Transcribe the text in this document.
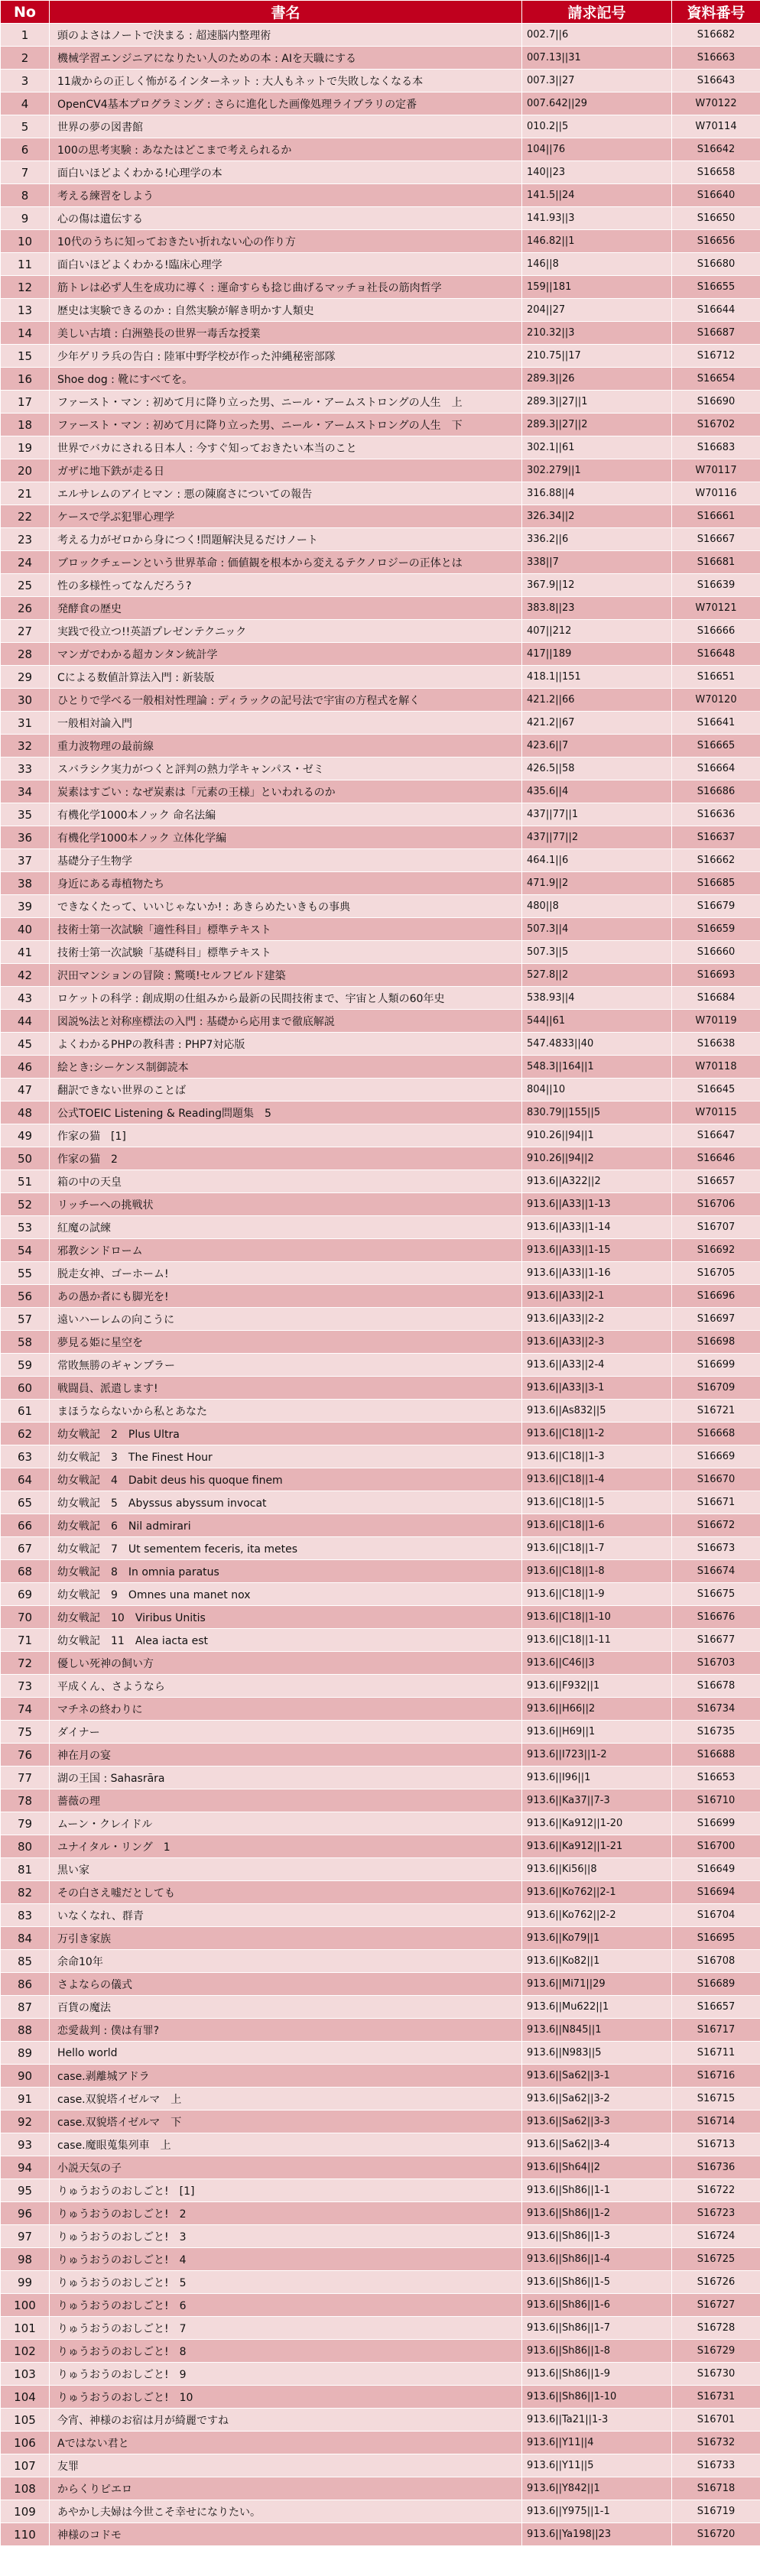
No	書名	請求記号	資料番号
1	頭のよさはノートで決まる : 超速脳内整理術	002.7||6	S16682
2	機械学習エンジニアになりたい人のための本 : AIを天職にする	007.13||31	S16663
3	11歳からの正しく怖がるインターネット : 大人もネットで失敗しなくなる本	007.3||27	S16643
4	OpenCV4基本プログラミング : さらに進化した画像処理ライブラリの定番	007.642||29	W70122
5	世界の夢の図書館	010.2||5	W70114
6	100の思考実験 : あなたはどこまで考えられるか	104||76	S16642
7	面白いほどよくわかる!心理学の本	140||23	S16658
8	考える練習をしよう	141.5||24	S16640
9	心の傷は遺伝する	141.93||3	S16650
10	10代のうちに知っておきたい折れない心の作り方	146.82||1	S16656
11	面白いほどよくわかる!臨床心理学	146||8	S16680
12	筋トレは必ず人生を成功に導く : 運命すらも捻じ曲げるマッチョ社長の筋肉哲学	159||181	S16655
13	歴史は実験できるのか : 自然実験が解き明かす人類史	204||27	S16644
14	美しい古墳 : 白洲塾長の世界一毒舌な授業	210.32||3	S16687
15	少年ゲリラ兵の告白 : 陸軍中野学校が作った沖縄秘密部隊	210.75||17	S16712
16	Shoe dog : 靴にすべてを。	289.3||26	S16654
17	ファースト・マン : 初めて月に降り立った男、ニール・アームストロングの人生　上	289.3||27||1	S16690
18	ファースト・マン : 初めて月に降り立った男、ニール・アームストロングの人生　下	289.3||27||2	S16702
19	世界でバカにされる日本人 : 今すぐ知っておきたい本当のこと	302.1||61	S16683
20	ガザに地下鉄が走る日	302.279||1	W70117
21	エルサレムのアイヒマン : 悪の陳腐さについての報告	316.88||4	W70116
22	ケースで学ぶ犯罪心理学	326.34||2	S16661
23	考える力がゼロから身につく!問題解決見るだけノート	336.2||6	S16667
24	ブロックチェーンという世界革命 : 価値観を根本から変えるテクノロジーの正体とは	338||7	S16681
25	性の多様性ってなんだろう?	367.9||12	S16639
26	発酵食の歴史	383.8||23	W70121
27	実践で役立つ!!英語プレゼンテクニック	407||212	S16666
28	マンガでわかる超カンタン統計学	417||189	S16648
29	Cによる数値計算法入門 : 新装版	418.1||151	S16651
30	ひとりで学べる一般相対性理論 : ディラックの記号法で宇宙の方程式を解く	421.2||66	W70120
31	一般相対論入門	421.2||67	S16641
32	重力波物理の最前線	423.6||7	S16665
33	スバラシク実力がつくと評判の熱力学キャンパス・ゼミ	426.5||58	S16664
34	炭素はすごい : なぜ炭素は「元素の王様」といわれるのか	435.6||4	S16686
35	有機化学1000本ノック 命名法編	437||77||1	S16636
36	有機化学1000本ノック 立体化学編	437||77||2	S16637
37	基礎分子生物学	464.1||6	S16662
38	身近にある毒植物たち	471.9||2	S16685
39	できなくたって、いいじゃないか! : あきらめたいきもの事典	480||8	S16679
40	技術士第一次試験「適性科目」標準テキスト	507.3||4	S16659
41	技術士第一次試験「基礎科目」標準テキスト	507.3||5	S16660
42	沢田マンションの冒険 : 驚嘆!セルフビルド建築	527.8||2	S16693
43	ロケットの科学 : 創成期の仕組みから最新の民間技術まで、宇宙と人類の60年史	538.93||4	S16684
44	図説%法と対称座標法の入門 : 基礎から応用まで徹底解説	544||61	W70119
45	よくわかるPHPの教科書 : PHP7対応版	547.4833||40	S16638
46	絵とき:シーケンス制御読本	548.3||164||1	W70118
47	翻訳できない世界のことば	804||10	S16645
48	公式TOEIC Listening & Reading問題集　5	830.79||155||5	W70115
49	作家の猫　[1]	910.26||94||1	S16647
50	作家の猫　2	910.26||94||2	S16646
51	箱の中の天皇	913.6||A322||2	S16657
52	リッチーへの挑戦状	913.6||A33||1-13	S16706
53	紅魔の試練	913.6||A33||1-14	S16707
54	邪教シンドローム	913.6||A33||1-15	S16692
55	脱走女神、ゴーホーム!	913.6||A33||1-16	S16705
56	あの愚か者にも脚光を!	913.6||A33||2-1	S16696
57	遠いハーレムの向こうに	913.6||A33||2-2	S16697
58	夢見る姫に星空を	913.6||A33||2-3	S16698
59	常敗無勝のギャンブラー	913.6||A33||2-4	S16699
60	戦闘員、派遣します!	913.6||A33||3-1	S16709
61	まほうならないから私とあなた	913.6||As832||5	S16721
62	幼女戦記　2　Plus Ultra	913.6||C18||1-2	S16668
63	幼女戦記　3　The Finest Hour	913.6||C18||1-3	S16669
64	幼女戦記　4　Dabit deus his quoque finem	913.6||C18||1-4	S16670
65	幼女戦記　5　Abyssus abyssum invocat	913.6||C18||1-5	S16671
66	幼女戦記　6　Nil admirari	913.6||C18||1-6	S16672
67	幼女戦記　7　Ut sementem feceris, ita metes	913.6||C18||1-7	S16673
68	幼女戦記　8　In omnia paratus	913.6||C18||1-8	S16674
69	幼女戦記　9　Omnes una manet nox	913.6||C18||1-9	S16675
70	幼女戦記　10　Viribus Unitis	913.6||C18||1-10	S16676
71	幼女戦記　11　Alea iacta est	913.6||C18||1-11	S16677
72	優しい死神の飼い方	913.6||C46||3	S16703
73	平成くん、さようなら	913.6||F932||1	S16678
74	マチネの終わりに	913.6||H66||2	S16734
75	ダイナー	913.6||H69||1	S16735
76	神在月の宴	913.6||I723||1-2	S16688
77	湖の王国 : Sahasrāra	913.6||I96||1	S16653
78	薔薇の理	913.6||Ka37||7-3	S16710
79	ムーン・クレイドル	913.6||Ka912||1-20	S16699
80	ユナイタル・リング　1	913.6||Ka912||1-21	S16700
81	黒い家	913.6||Ki56||8	S16649
82	その白さえ嘘だとしても	913.6||Ko762||2-1	S16694
83	いなくなれ、群青	913.6||Ko762||2-2	S16704
84	万引き家族	913.6||Ko79||1	S16695
85	余命10年	913.6||Ko82||1	S16708
86	さよならの儀式	913.6||Mi71||29	S16689
87	百貨の魔法	913.6||Mu622||1	S16657
88	恋愛裁判 : 僕は有罪?	913.6||N845||1	S16717
89	Hello world	913.6||N983||5	S16711
90	case.剥離城アドラ	913.6||Sa62||3-1	S16716
91	case.双貌塔イゼルマ　上	913.6||Sa62||3-2	S16715
92	case.双貌塔イゼルマ　下	913.6||Sa62||3-3	S16714
93	case.魔眼蒐集列車　上	913.6||Sa62||3-4	S16713
94	小説天気の子	913.6||Sh64||2	S16736
95	りゅうおうのおしごと!　[1]	913.6||Sh86||1-1	S16722
96	りゅうおうのおしごと!　2	913.6||Sh86||1-2	S16723
97	りゅうおうのおしごと!　3	913.6||Sh86||1-3	S16724
98	りゅうおうのおしごと!　4	913.6||Sh86||1-4	S16725
99	りゅうおうのおしごと!　5	913.6||Sh86||1-5	S16726
100	りゅうおうのおしごと!　6	913.6||Sh86||1-6	S16727
101	りゅうおうのおしごと!　7	913.6||Sh86||1-7	S16728
102	りゅうおうのおしごと!　8	913.6||Sh86||1-8	S16729
103	りゅうおうのおしごと!　9	913.6||Sh86||1-9	S16730
104	りゅうおうのおしごと!　10	913.6||Sh86||1-10	S16731
105	今宵、神様のお宿は月が綺麗ですね	913.6||Ta21||1-3	S16701
106	Aではない君と	913.6||Y11||4	S16732
107	友罪	913.6||Y11||5	S16733
108	からくりピエロ	913.6||Y842||1	S16718
109	あやかし夫婦は今世こそ幸せになりたい。	913.6||Y975||1-1	S16719
110	神様のコドモ	913.6||Ya198||23	S16720
